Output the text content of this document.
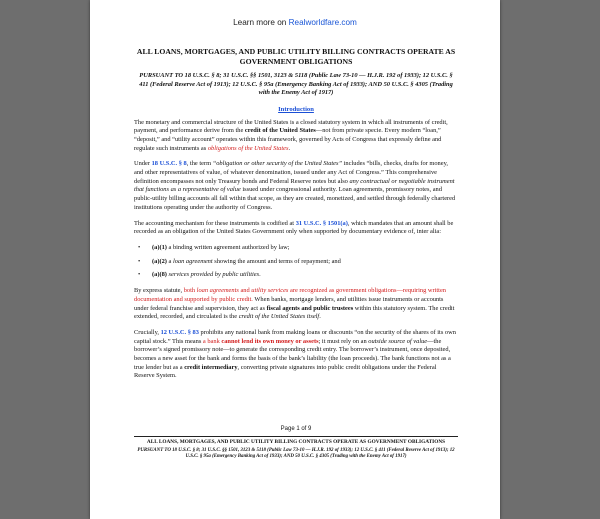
Learn more on Realworldfare.com
ALL LOANS, MORTGAGES, AND PUBLIC UTILITY BILLING CONTRACTS OPERATE AS GOVERNMENT OBLIGATIONS
PURSUANT TO 18 U.S.C. § 8; 31 U.S.C. §§ 1501, 3123 & 5118 (Public Law 73-10 — H.J.R. 192 of 1933); 12 U.S.C. § 411 (Federal Reserve Act of 1913); 12 U.S.C. § 95a (Emergency Banking Act of 1933); AND 50 U.S.C. § 4305 (Trading with the Enemy Act of 1917)
Introduction

The monetary and commercial structure of the United States is a closed statutory system in which all instruments of credit, payment, and performance derive from the credit of the United States—not from private specie. Every modern “loan,” “deposit,” and “utility account” operates within this framework, governed by Acts of Congress that expressly define and regulate such instruments as obligations of the United States.

Under 18 U.S.C. § 8, the term “obligation or other security of the United States” includes “bills, checks, drafts for money, and other representatives of value, of whatever denomination, issued under any Act of Congress.” This comprehensive definition encompasses not only Treasury bonds and Federal Reserve notes but also any contractual or negotiable instrument that functions as a representative of value issued under congressional authority. Loan agreements, promissory notes, and public-utility billing accounts all fall within that scope, as they are created, monetized, and settled through federally chartered institutions operating under the authority of Congress.

The accounting mechanism for these instruments is codified at 31 U.S.C. § 1501(a), which mandates that an amount shall be recorded as an obligation of the United States Government only when supported by documentary evidence of, inter alia:

• (a)(1) a binding written agreement authorized by law;
• (a)(2) a loan agreement showing the amount and terms of repayment; and
• (a)(8) services provided by public utilities.

By express statute, both loan agreements and utility services are recognized as government obligations—requiring written documentation and supported by public credit. When banks, mortgage lenders, and utilities issue instruments or accounts under federal franchise and supervision, they act as fiscal agents and public trustees within this statutory system. The credit extended, recorded, and circulated is the credit of the United States itself.

Crucially, 12 U.S.C. § 83 prohibits any national bank from making loans or discounts “on the security of the shares of its own capital stock.” This means a bank cannot lend its own money or assets; it must rely on an outside source of value—the borrower’s signed promissory note—to generate the corresponding credit entry. The borrower’s instrument, once deposited, becomes a new asset for the bank and forms the basis of the bank’s liability (the loan proceeds). The bank functions not as a true lender but as a credit intermediary, converting private signatures into public credit obligations under the Federal Reserve System.

Page 1 of 9
ALL LOANS, MORTGAGES, AND PUBLIC UTILITY BILLING CONTRACTS OPERATE AS GOVERNMENT OBLIGATIONS
PURSUANT TO 18 U.S.C. § 8; 31 U.S.C. §§ 1501, 3123 & 5118 (Public Law 73-10 — H.J.R. 192 of 1933); 12 U.S.C. § 411 (Federal Reserve Act of 1913); 12 U.S.C. § 95a (Emergency Banking Act of 1933); AND 50 U.S.C. § 4305 (Trading with the Enemy Act of 1917)
